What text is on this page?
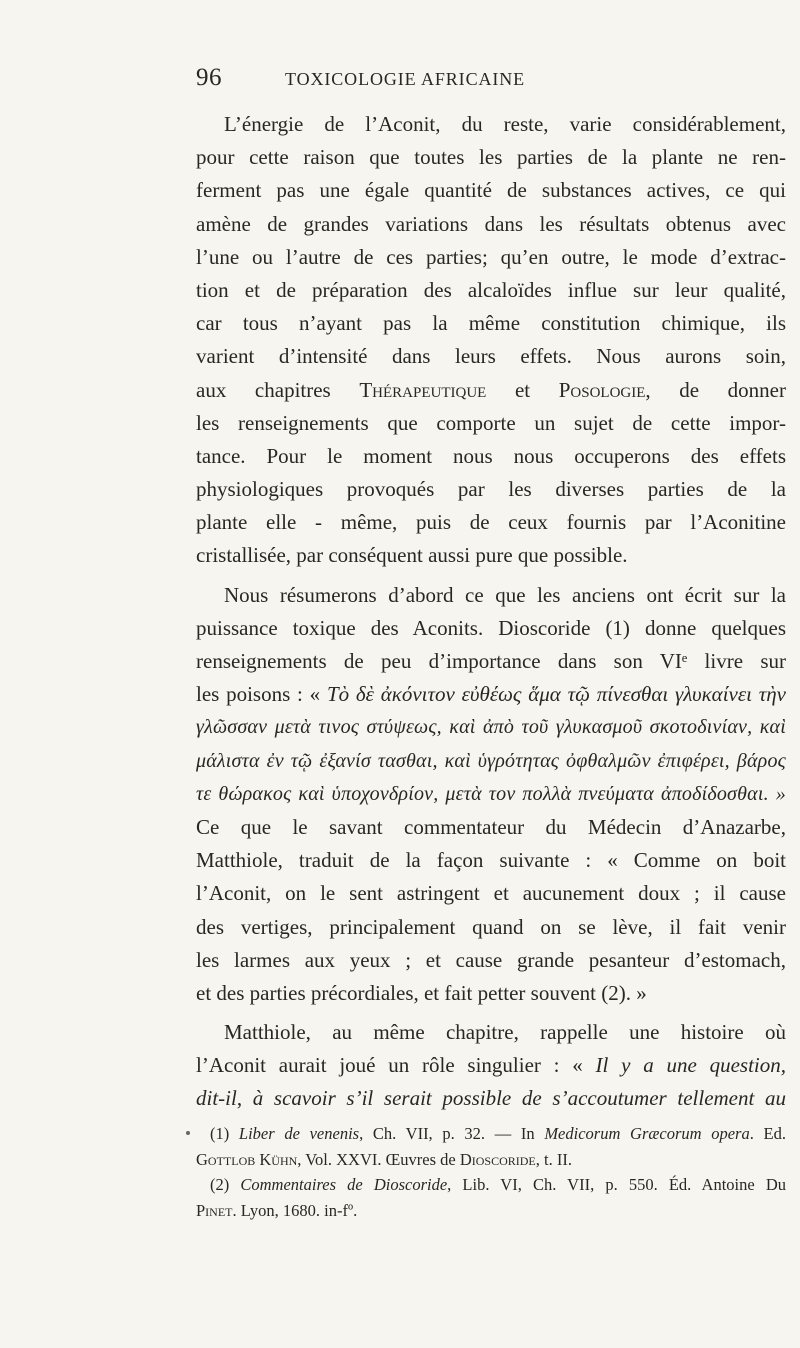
96	TOXICOLOGIE AFRICAINE
L’énergie de l’Aconit, du reste, varie considérablement,
pour cette raison que toutes les parties de la plante ne ren-
ferment pas une égale quantité de substances actives, ce qui
amène de grandes variations dans les résultats obtenus avec
l’une ou l’autre de ces parties; qu’en outre, le mode d’extrac-
tion et de préparation des alcaloïdes influe sur leur qualité,
car tous n’ayant pas la même constitution chimique, ils
varient d’intensité dans leurs effets. Nous aurons soin,
aux chapitres Thérapeutique et Posologie, de donner
les renseignements que comporte un sujet de cette impor-
tance. Pour le moment nous nous occuperons des effets
physiologiques provoqués par les diverses parties de la
plante elle - même, puis de ceux fournis par l’Aconitine
cristallisée, par conséquent aussi pure que possible.
Nous résumerons d’abord ce que les anciens ont écrit sur la
puissance toxique des Aconits. Dioscoride (1) donne quelques
renseignements de peu d’importance dans son VIᵉ livre sur
les poisons : « Τὸ δὲ ἀκόνιτον εὐθέως ἅμα τῷ πίνεσθαι γλυκαίνει τὴν
γλῶσσαν μετὰ τινος στύψεως, καὶ ἀπὸ τοῦ γλυκασμοῦ σκοτοδινίαν, καὶ
μάλιστα ἐν τῷ ἐξανίσ τασθαι, καὶ ὑγρότητας ὀφθαλμῶν ἐπιφέρει, βάρος
τε θώρακος καὶ ὑποχονδρίον, μετὰ τον πολλὰ πνεύματα ἀποδίδοσθαι. »
Ce que le savant commentateur du Médecin d’Anazarbe,
Matthiole, traduit de la façon suivante : « Comme on boit
l’Aconit, on le sent astringent et aucunement doux ; il cause
des vertiges, principalement quand on se lève, il fait venir
les larmes aux yeux ; et cause grande pesanteur d’estomach,
et des parties précordiales, et fait petter souvent (2). »
Matthiole, au même chapitre, rappelle une histoire où
l’Aconit aurait joué un rôle singulier : « Il y a une question,
dit-il, à scavoir s’il serait possible de s’accoutumer tellement au
(1) Liber de venenis, Ch. VII, p. 32. — In Medicorum Græcorum opera. Ed.
Gottlob Kühn, Vol. XXVI. Œuvres de Dioscoride, t. II.
(2) Commentaires de Dioscoride, Lib. VI, Ch. VII, p. 550. Éd. Antoine Du
Pinet. Lyon, 1680. in-fº.
